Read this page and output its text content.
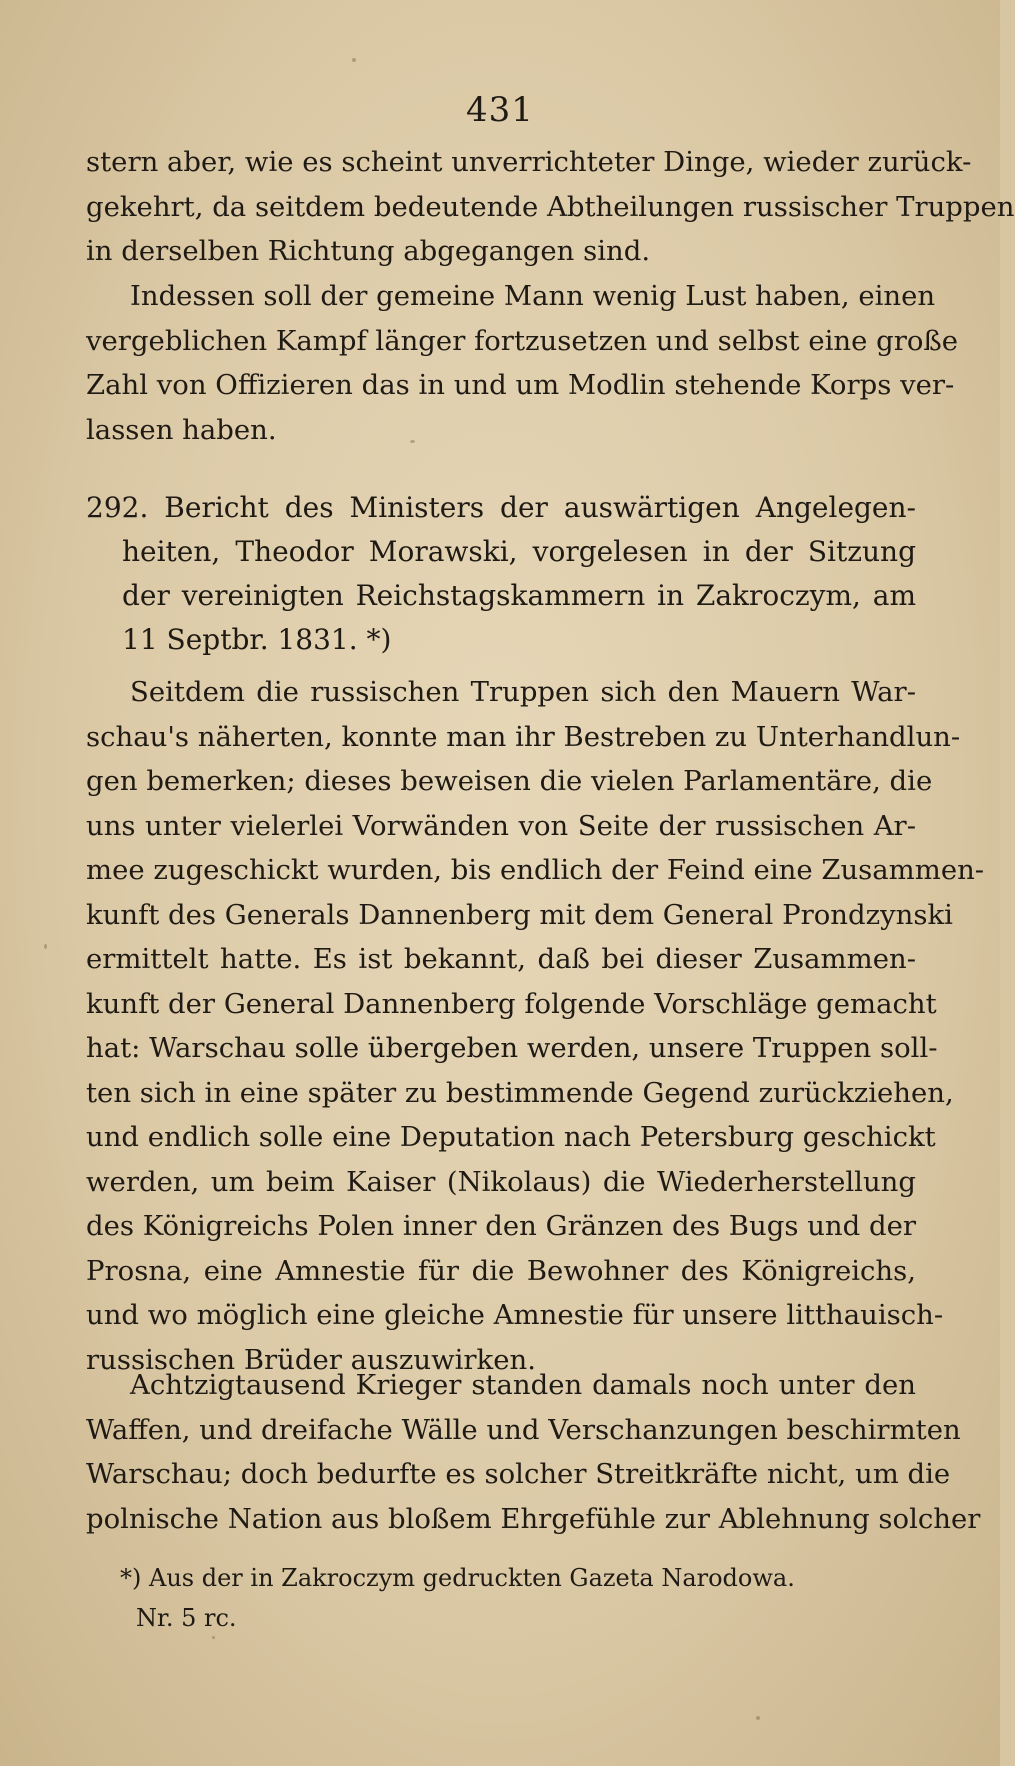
431
stern aber, wie es scheint unverrichteter Dinge, wieder zurück-
gekehrt, da seitdem bedeutende Abtheilungen russischer Truppen
in derselben Richtung abgegangen sind.
Indessen soll der gemeine Mann wenig Lust haben, einen
vergeblichen Kampf länger fortzusetzen und selbst eine große
Zahl von Offizieren das in und um Modlin stehende Korps ver-
lassen haben.
292. Bericht des Ministers der auswärtigen Angelegen-
heiten, Theodor Morawski, vorgelesen in der Sitzung
der vereinigten Reichstagskammern in Zakroczym, am
11 Septbr. 1831. *)
Seitdem die russischen Truppen sich den Mauern War-
schau's näherten, konnte man ihr Bestreben zu Unterhandlun-
gen bemerken; dieses beweisen die vielen Parlamentäre, die
uns unter vielerlei Vorwänden von Seite der russischen Ar-
mee zugeschickt wurden, bis endlich der Feind eine Zusammen-
kunft des Generals Dannenberg mit dem General Prondzynski
ermittelt hatte. Es ist bekannt, daß bei dieser Zusammen-
kunft der General Dannenberg folgende Vorschläge gemacht
hat: Warschau solle übergeben werden, unsere Truppen soll-
ten sich in eine später zu bestimmende Gegend zurückziehen,
und endlich solle eine Deputation nach Petersburg geschickt
werden, um beim Kaiser (Nikolaus) die Wiederherstellung
des Königreichs Polen inner den Gränzen des Bugs und der
Prosna, eine Amnestie für die Bewohner des Königreichs,
und wo möglich eine gleiche Amnestie für unsere litthauisch-
russischen Brüder auszuwirken.
Achtzigtausend Krieger standen damals noch unter den
Waffen, und dreifache Wälle und Verschanzungen beschirmten
Warschau; doch bedurfte es solcher Streitkräfte nicht, um die
polnische Nation aus bloßem Ehrgefühle zur Ablehnung solcher
*) Aus der in Zakroczym gedruckten Gazeta Narodowa.
Nr. 5 rc.
